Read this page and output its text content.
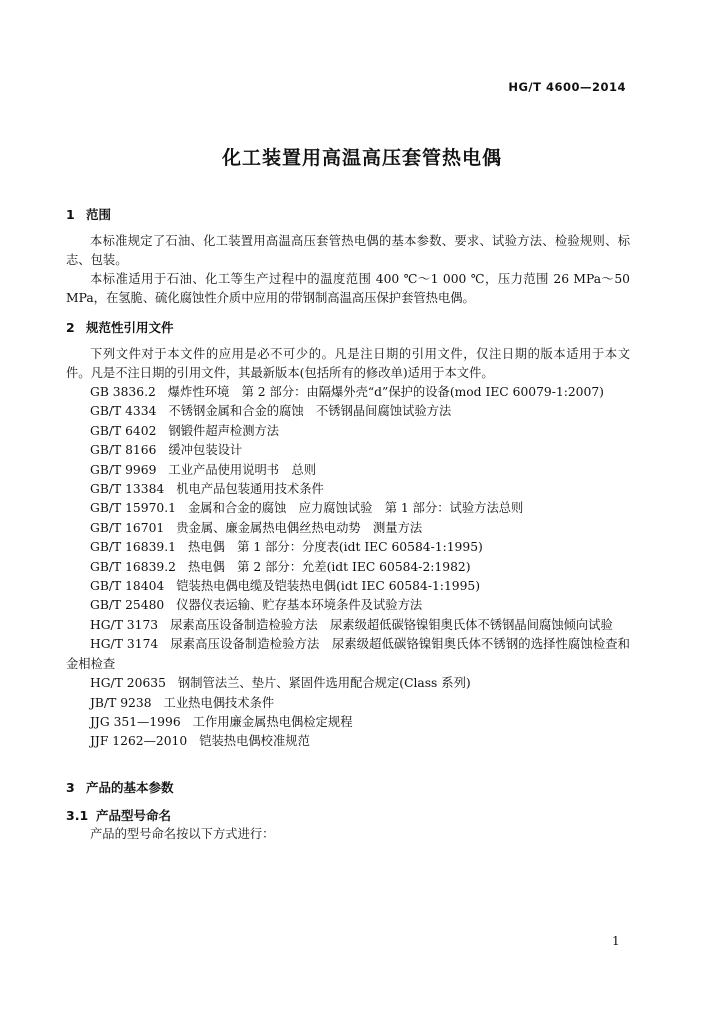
HG/T 4600—2014
化工装置用高温高压套管热电偶
1 范围
本标准规定了石油、化工装置用高温高压套管热电偶的基本参数、要求、试验方法、检验规则、标志、包装。
本标准适用于石油、化工等生产过程中的温度范围 400 ℃～1 000 ℃，压力范围 26 MPa～50 MPa，在氢脆、硫化腐蚀性介质中应用的带钢制高温高压保护套管热电偶。
2 规范性引用文件
下列文件对于本文件的应用是必不可少的。凡是注日期的引用文件，仅注日期的版本适用于本文件。凡是不注日期的引用文件，其最新版本(包括所有的修改单)适用于本文件。
GB 3836.2 爆炸性环境　第 2 部分：由隔爆外壳“d”保护的设备(mod IEC 60079-1:2007)
GB/T 4334 不锈钢金属和合金的腐蚀　不锈钢晶间腐蚀试验方法
GB/T 6402 钢锻件超声检测方法
GB/T 8166 缓冲包装设计
GB/T 9969 工业产品使用说明书　总则
GB/T 13384 机电产品包装通用技术条件
GB/T 15970.1 金属和合金的腐蚀　应力腐蚀试验　第 1 部分：试验方法总则
GB/T 16701 贵金属、廉金属热电偶丝热电动势　测量方法
GB/T 16839.1 热电偶　第 1 部分：分度表(idt IEC 60584-1:1995)
GB/T 16839.2 热电偶　第 2 部分：允差(idt IEC 60584-2:1982)
GB/T 18404 铠装热电偶电缆及铠装热电偶(idt IEC 60584-1:1995)
GB/T 25480 仪器仪表运输、贮存基本环境条件及试验方法
HG/T 3173 尿素高压设备制造检验方法　尿素级超低碳铬镍钼奥氏体不锈钢晶间腐蚀倾向试验
HG/T 3174 尿素高压设备制造检验方法　尿素级超低碳铬镍钼奥氏体不锈钢的选择性腐蚀检查和金相检查
HG/T 20635 钢制管法兰、垫片、紧固件选用配合规定(Class 系列)
JB/T 9238 工业热电偶技术条件
JJG 351—1996 工作用廉金属热电偶检定规程
JJF 1262—2010 铠装热电偶校准规范
3 产品的基本参数
3.1 产品型号命名
产品的型号命名按以下方式进行：
1
